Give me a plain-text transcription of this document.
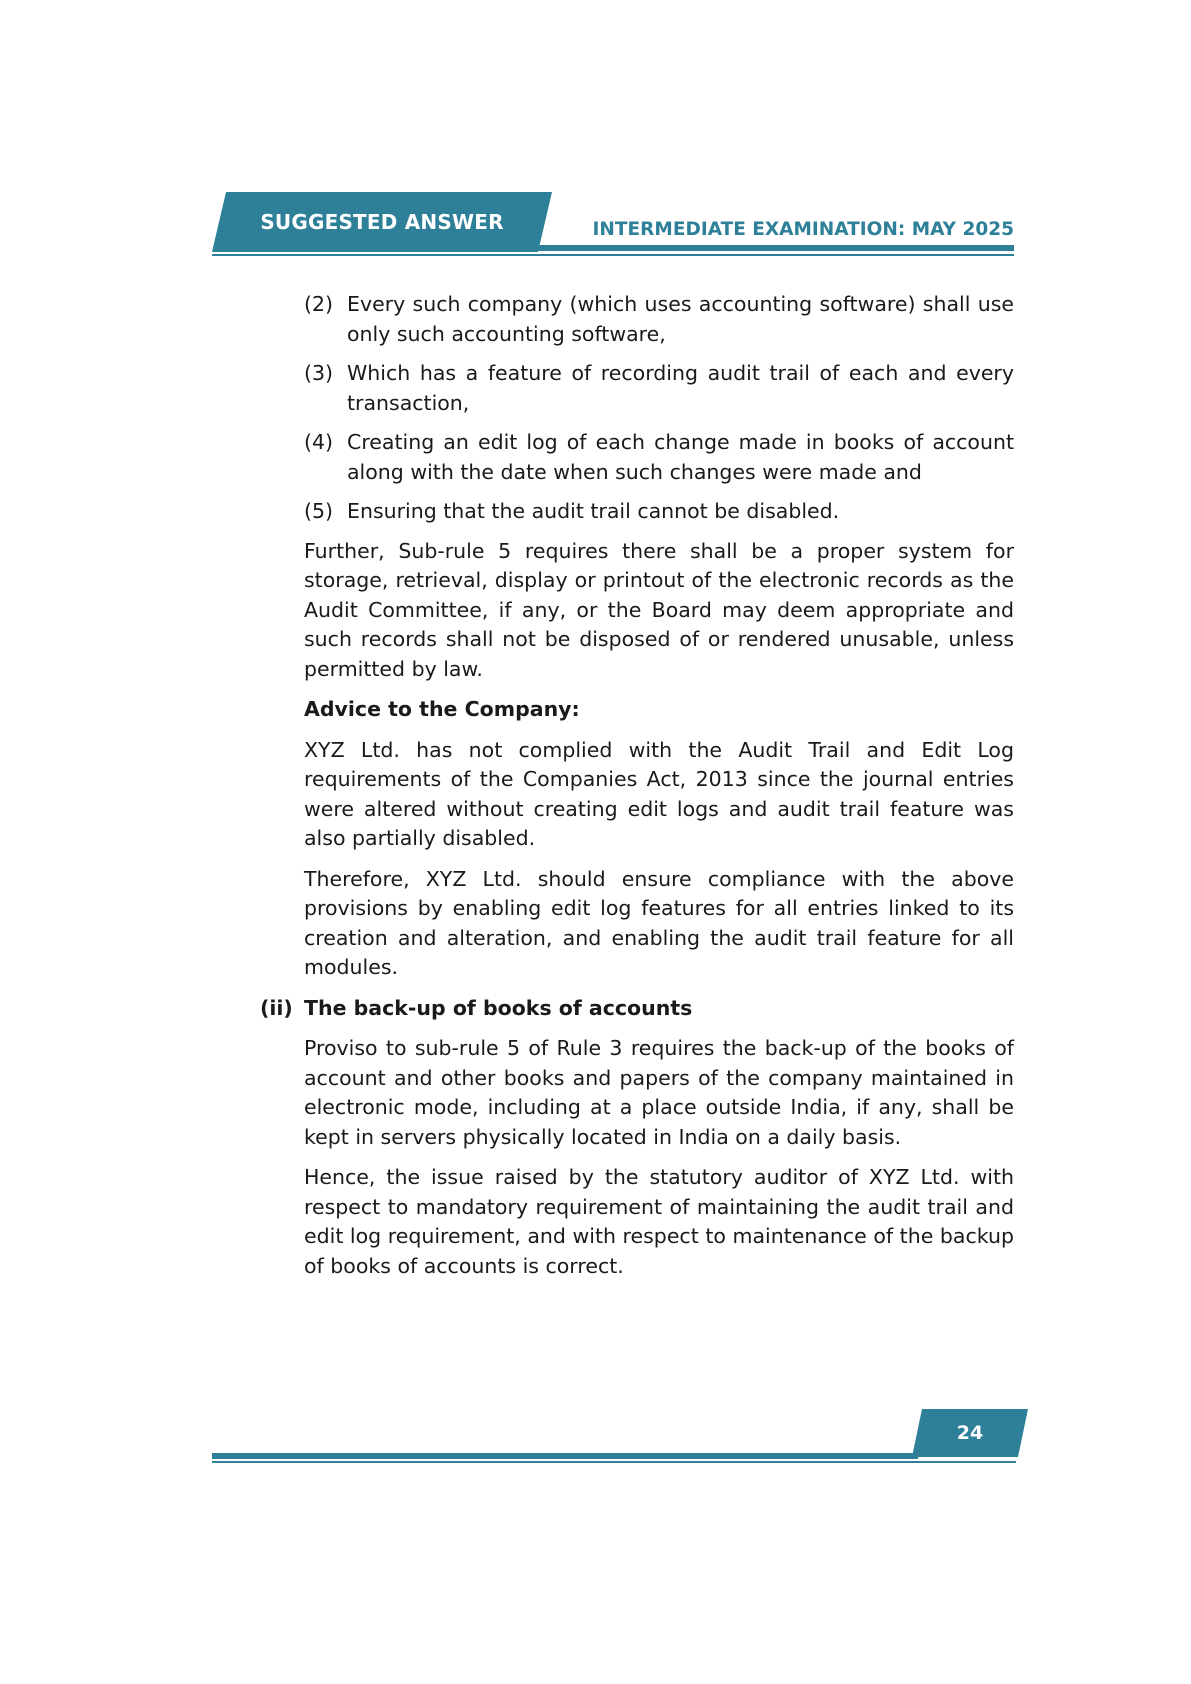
SUGGESTED ANSWER	INTERMEDIATE EXAMINATION: MAY 2025
(2) Every such company (which uses accounting software) shall use only such accounting software,
(3) Which has a feature of recording audit trail of each and every transaction,
(4) Creating an edit log of each change made in books of account along with the date when such changes were made and
(5) Ensuring that the audit trail cannot be disabled.

Further, Sub-rule 5 requires there shall be a proper system for storage, retrieval, display or printout of the electronic records as the Audit Committee, if any, or the Board may deem appropriate and such records shall not be disposed of or rendered unusable, unless permitted by law.

Advice to the Company:

XYZ Ltd. has not complied with the Audit Trail and Edit Log requirements of the Companies Act, 2013 since the journal entries were altered without creating edit logs and audit trail feature was also partially disabled.

Therefore, XYZ Ltd. should ensure compliance with the above provisions by enabling edit log features for all entries linked to its creation and alteration, and enabling the audit trail feature for all modules.

(ii) The back-up of books of accounts

Proviso to sub-rule 5 of Rule 3 requires the back-up of the books of account and other books and papers of the company maintained in electronic mode, including at a place outside India, if any, shall be kept in servers physically located in India on a daily basis.

Hence, the issue raised by the statutory auditor of XYZ Ltd. with respect to mandatory requirement of maintaining the audit trail and edit log requirement, and with respect to maintenance of the backup of books of accounts is correct.

24
